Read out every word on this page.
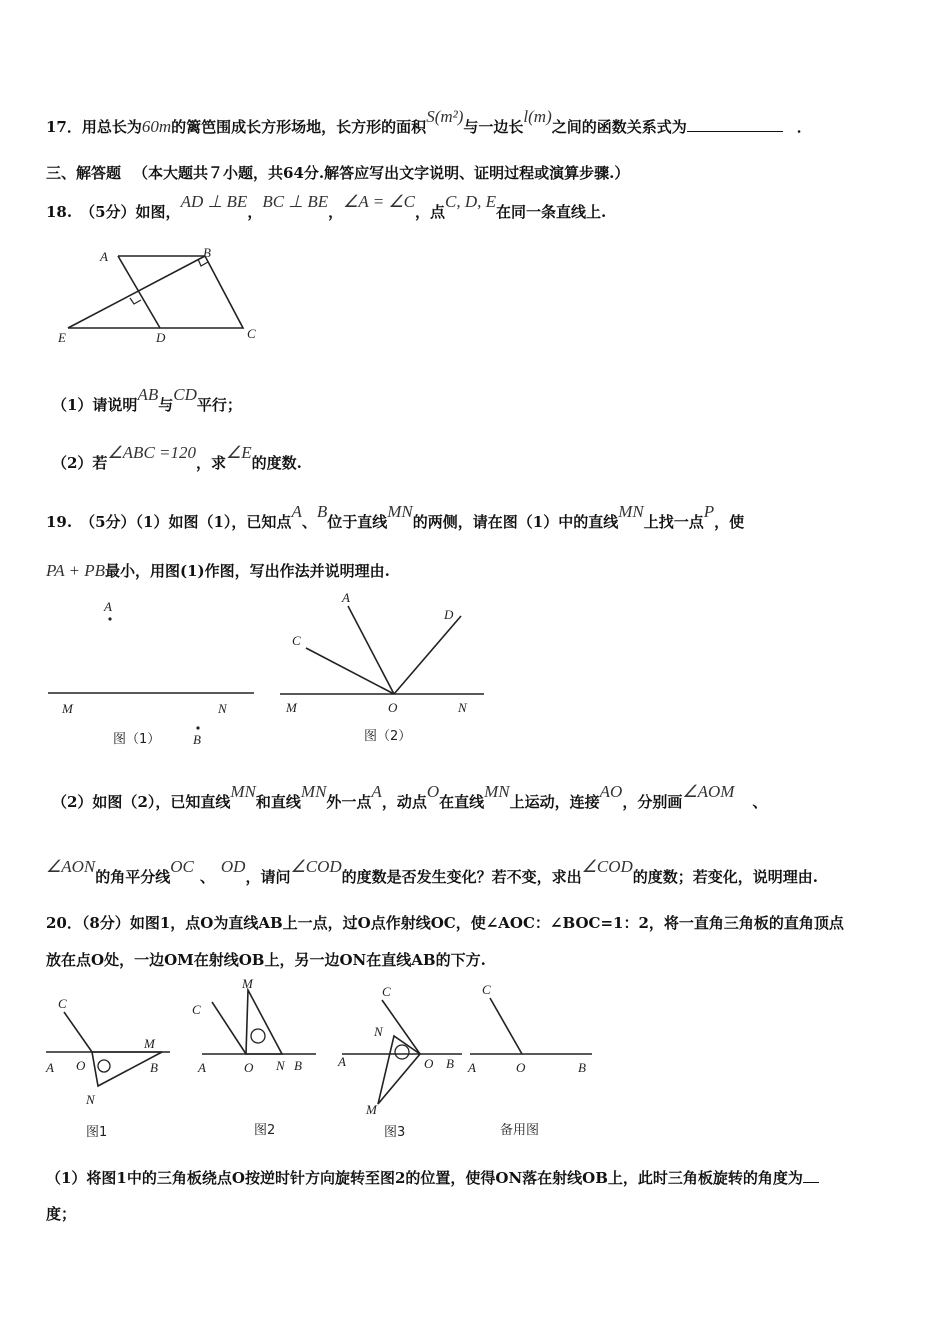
17．用总长为60m的篱笆围成长方形场地，长方形的面积S(m²)与一边长l(m)之间的函数关系式为	．
三、解答题 （本大题共７小题，共64分.解答应写出文字说明、证明过程或演算步骤.）
18. （5分）如图，AD ⊥ BE，BC ⊥ BE，∠A = ∠C，点C, D, E在同一条直线上.
A	B
E	D	C
（1）请说明AB与CD平行；
（2）若∠ABC =120，求∠E的度数.
19. （5分）（1）如图（1），已知点A、B位于直线MN的两侧，请在图（1）中的直线MN上找一点P，使
PA + PB最小，用图(1)作图，写出作法并说明理由.
A
M	N
B
图（1）
A
D
C
M	O	N
图（2）
（2）如图（2），已知直线MN和直线MN外一点A，动点O在直线MN上运动，连接AO，分别画∠AOM、
∠AON的角平分线OC、OD，请问∠COD的度数是否发生变化？若不变，求出∠COD的度数；若变化，说明理由.
20．（8分）如图1，点O为直线AB上一点，过O点作射线OC，使∠AOC：∠BOC=1：2，将一直角三角板的直角顶点
放在点O处，一边OM在射线OB上，另一边ON在直线AB的下方.
C
M
A O	B
N
图1
M
C
A	O N B
图2
C
N
A	O B
M
图3
C
A	O	B
备用图
（1）将图1中的三角板绕点O按逆时针方向旋转至图2的位置，使得ON落在射线OB上，此时三角板旋转的角度为
度；
